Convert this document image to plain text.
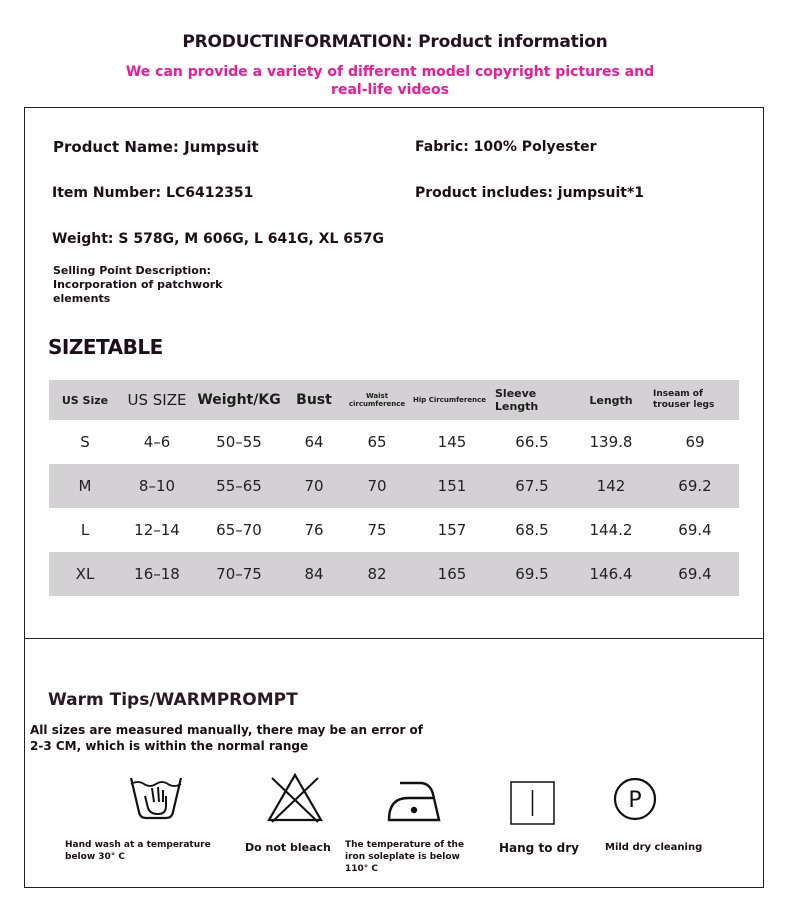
PRODUCTINFORMATION: Product information
We can provide a variety of different model copyright pictures and real-life videos
Product Name: Jumpsuit	Fabric: 100% Polyester
Item Number: LC6412351	Product includes: jumpsuit*1
Weight: S 578G, M 606G, L 641G, XL 657G
Selling Point Description: Incorporation of patchwork elements
SIZETABLE
US Size	US SIZE	Weight/KG	Bust	Waist circumference	Hip Circumference	Sleeve Length	Length	Inseam of trouser legs
S	4–6	50–55	64	65	145	66.5	139.8	69
M	8–10	55–65	70	70	151	67.5	142	69.2
L	12–14	65–70	76	75	157	68.5	144.2	69.4
XL	16–18	70–75	84	82	165	69.5	146.4	69.4
Warm Tips/WARMPROMPT
All sizes are measured manually, there may be an error of 2-3 CM, which is within the normal range
P
Hand wash at a temperature below 30° C
Do not bleach The temperature of the iron soleplate is below 110° C
Hang to dry	Mild dry cleaning
